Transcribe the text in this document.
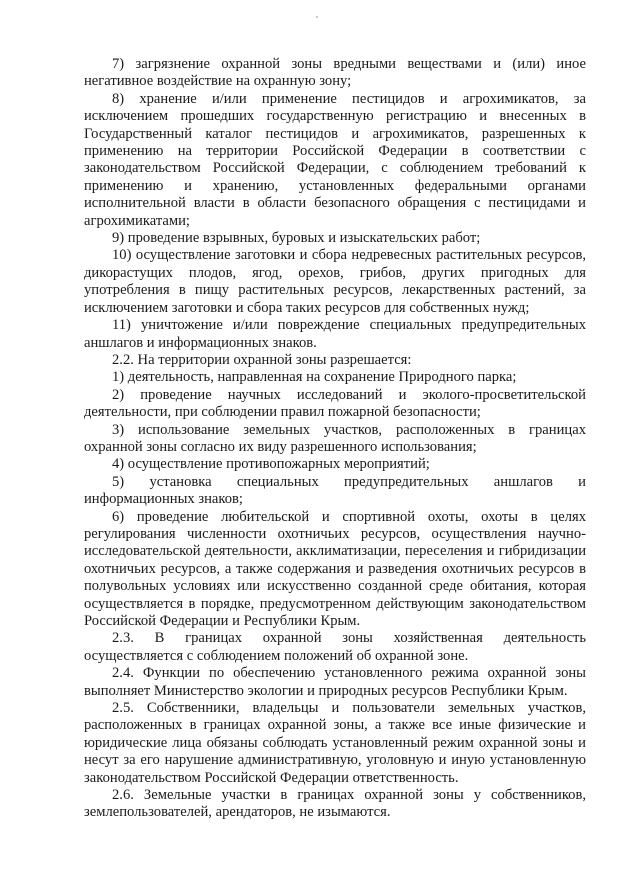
7) загрязнение охранной зоны вредными веществами и (или) иное негативное воздействие на охранную зону;

8) хранение и/или применение пестицидов и агрохимикатов, за исключением прошедших государственную регистрацию и внесенных в Государственный каталог пестицидов и агрохимикатов, разрешенных к применению на территории Российской Федерации в соответствии с законодательством Российской Федерации, с соблюдением требований к применению и хранению, установленных федеральными органами исполнительной власти в области безопасного обращения с пестицидами и агрохимикатами;

9) проведение взрывных, буровых и изыскательских работ;

10) осуществление заготовки и сбора недревесных растительных ресурсов, дикорастущих плодов, ягод, орехов, грибов, других пригодных для употребления в пищу растительных ресурсов, лекарственных растений, за исключением заготовки и сбора таких ресурсов для собственных нужд;

11) уничтожение и/или повреждение специальных предупредительных аншлагов и информационных знаков.

2.2. На территории охранной зоны разрешается:

1) деятельность, направленная на сохранение Природного парка;

2) проведение научных исследований и эколого-просветительской деятельности, при соблюдении правил пожарной безопасности;

3) использование земельных участков, расположенных в границах охранной зоны согласно их виду разрешенного использования;

4) осуществление противопожарных мероприятий;

5) установка специальных предупредительных аншлагов и информационных знаков;

6) проведение любительской и спортивной охоты, охоты в целях регулирования численности охотничьих ресурсов, осуществления научно-исследовательской деятельности, акклиматизации, переселения и гибридизации охотничьих ресурсов, а также содержания и разведения охотничьих ресурсов в полувольных условиях или искусственно созданной среде обитания, которая осуществляется в порядке, предусмотренном действующим законодательством Российской Федерации и Республики Крым.

2.3. В границах охранной зоны хозяйственная деятельность осуществляется с соблюдением положений об охранной зоне.

2.4. Функции по обеспечению установленного режима охранной зоны выполняет Министерство экологии и природных ресурсов Республики Крым.

2.5. Собственники, владельцы и пользователи земельных участков, расположенных в границах охранной зоны, а также все иные физические и юридические лица обязаны соблюдать установленный режим охранной зоны и несут за его нарушение административную, уголовную и иную установленную законодательством Российской Федерации ответственность.

2.6. Земельные участки в границах охранной зоны у собственников, землепользователей, арендаторов, не изымаются.
